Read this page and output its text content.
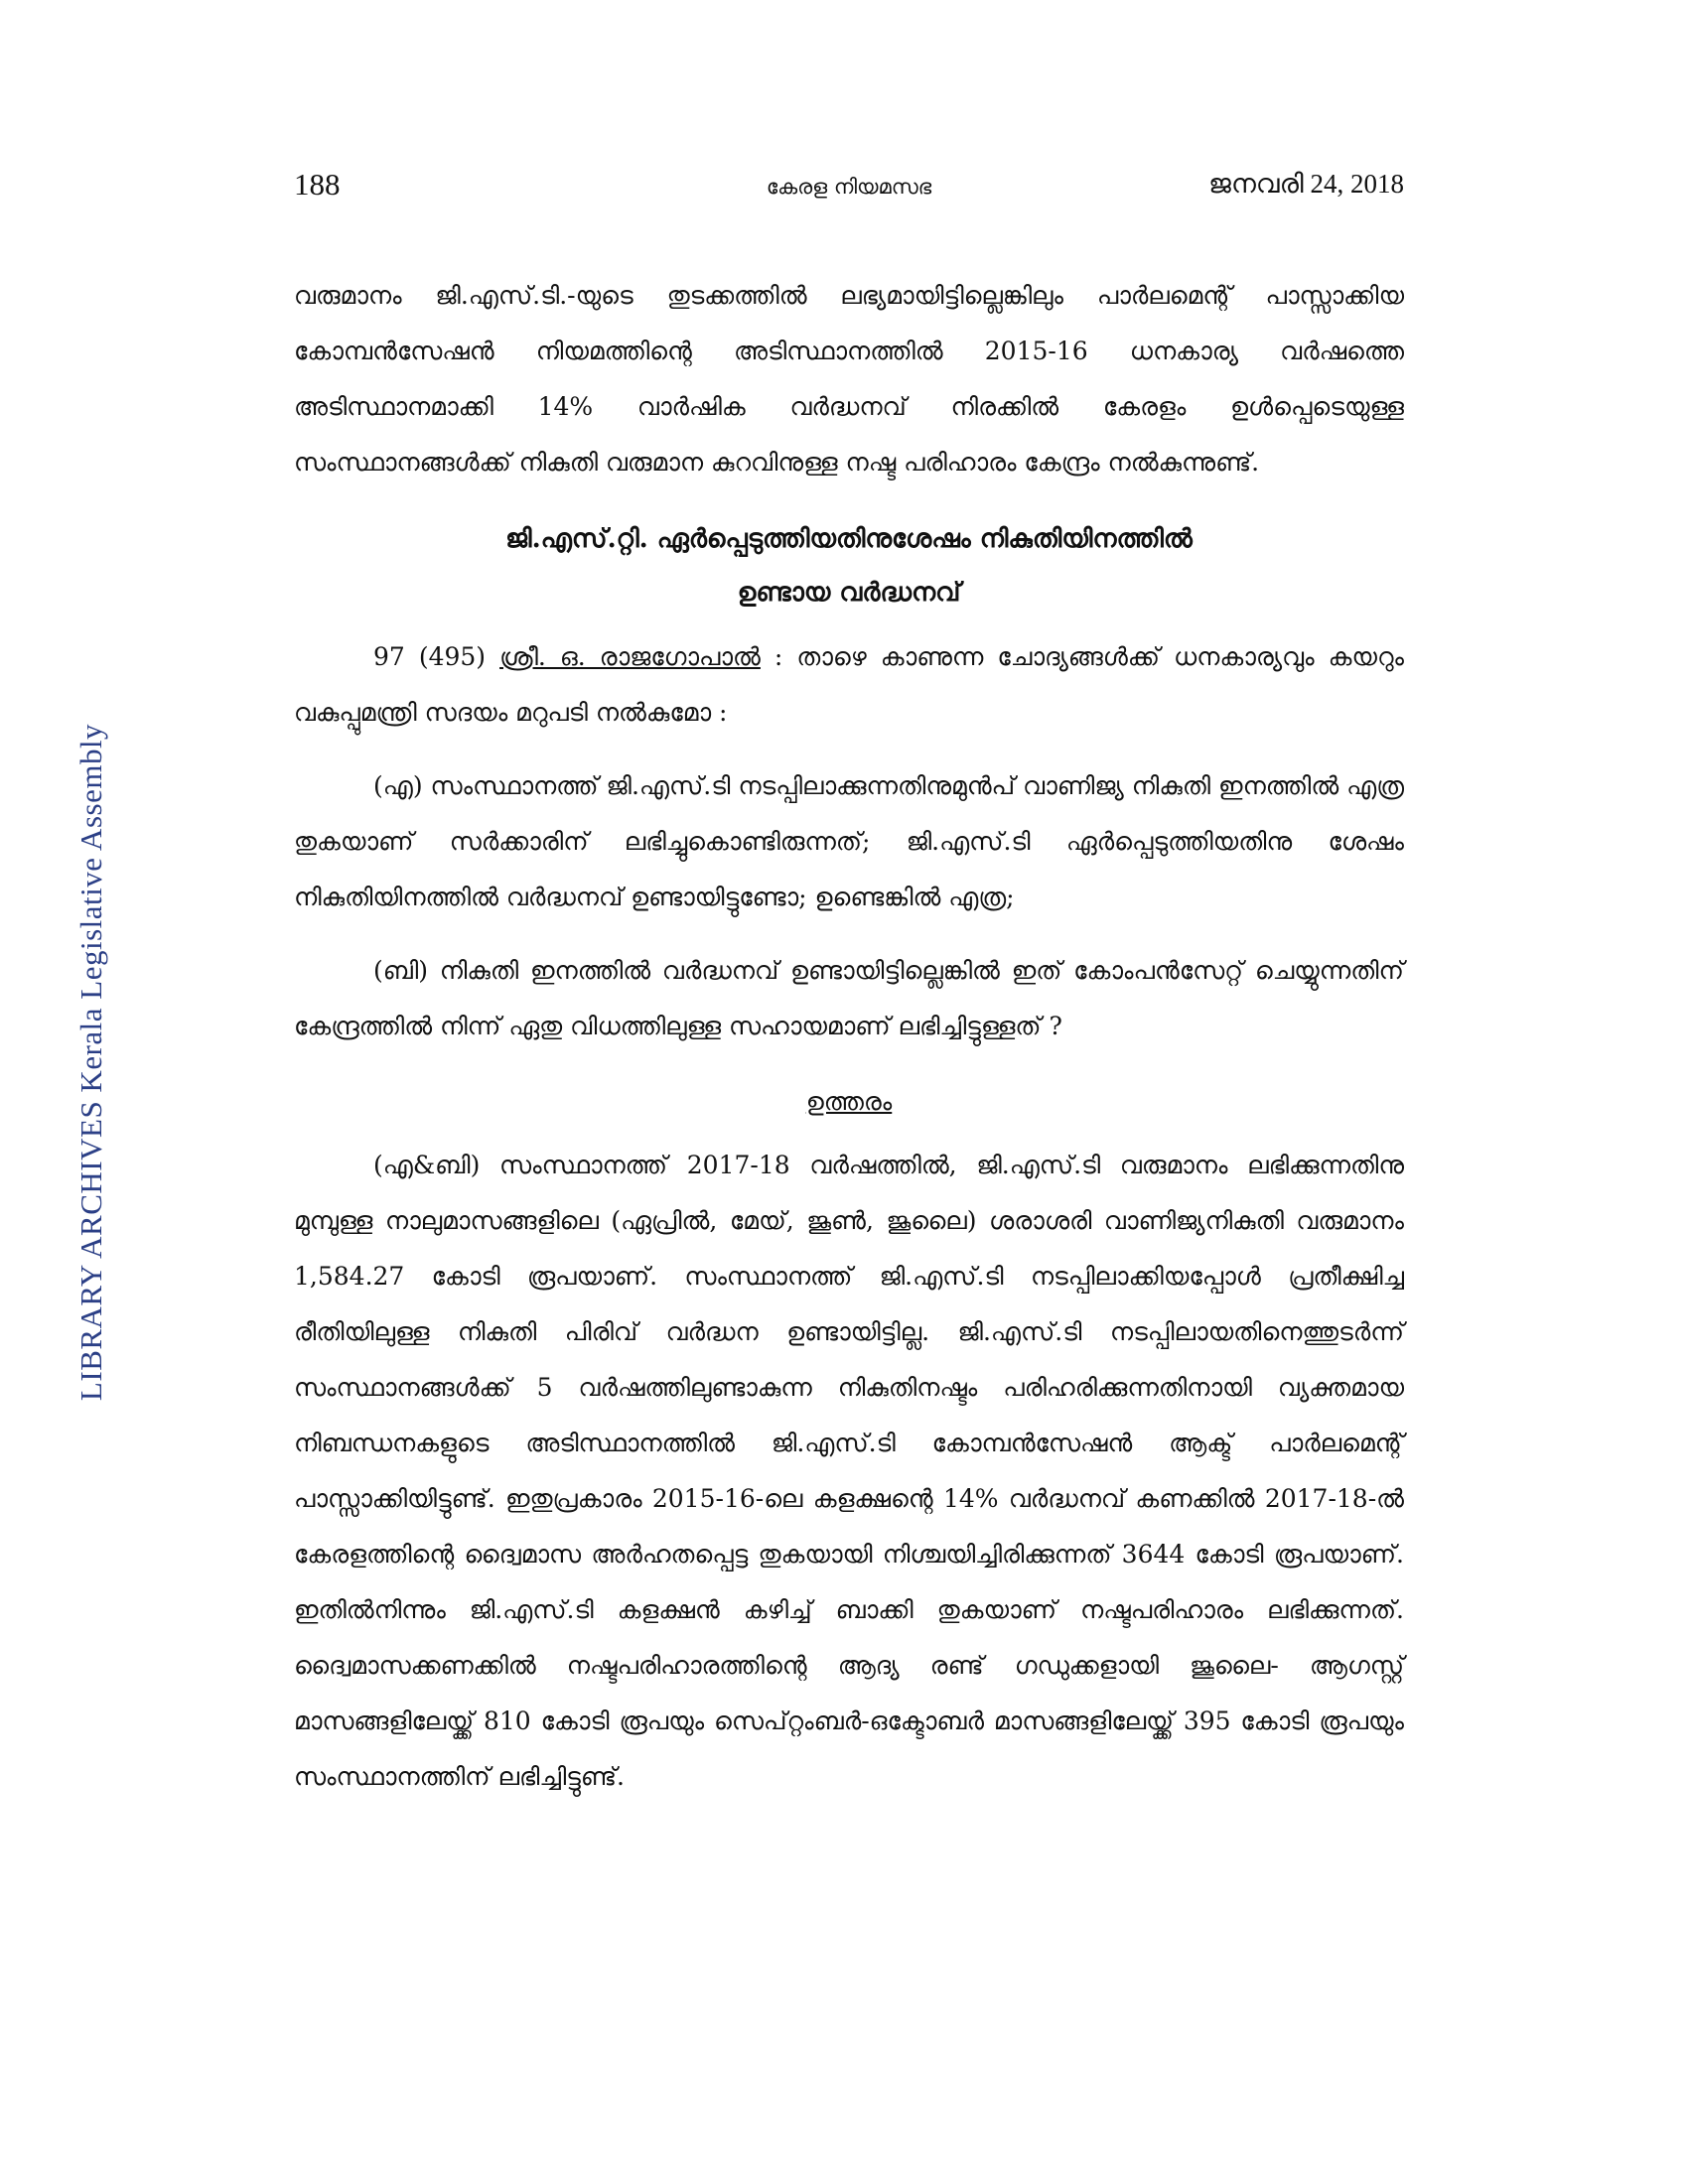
LIBRARY ARCHIVES Kerala Legislative Assembly
188	കേരള നിയമസഭ	ജനവരി 24, 2018

വരുമാനം ജി.എസ്.ടി.-യുടെ തുടക്കത്തിൽ ലഭ്യമായിട്ടില്ലെങ്കിലും പാർലമെന്റ് പാസ്സാക്കിയ കോമ്പൻസേഷൻ നിയമത്തിന്റെ അടിസ്ഥാനത്തിൽ 2015-16 ധനകാര്യ വർഷത്തെ അടിസ്ഥാനമാക്കി 14% വാർഷിക വർദ്ധനവ് നിരക്കിൽ കേരളം ഉൾപ്പെടെയുള്ള സംസ്ഥാനങ്ങൾക്ക് നികുതി വരുമാന കുറവിനുള്ള നഷ്ട പരിഹാരം കേന്ദ്രം നൽകുന്നുണ്ട്.

ജി.എസ്.റ്റി. ഏർപ്പെടുത്തിയതിനുശേഷം നികുതിയിനത്തിൽ
ഉണ്ടായ വർദ്ധനവ്

97 (495) ശ്രീ. ഒ. രാജഗോപാൽ : താഴെ കാണുന്ന ചോദ്യങ്ങൾക്ക് ധനകാര്യവും കയറും വകുപ്പുമന്ത്രി സദയം മറുപടി നൽകുമോ :

(എ) സംസ്ഥാനത്ത് ജി.എസ്.ടി നടപ്പിലാക്കുന്നതിനുമുൻപ് വാണിജ്യ നികുതി ഇനത്തിൽ എത്ര തുകയാണ് സർക്കാരിന് ലഭിച്ചുകൊണ്ടിരുന്നത്; ജി.എസ്.ടി ഏർപ്പെടുത്തിയതിനു ശേഷം നികുതിയിനത്തിൽ വർദ്ധനവ് ഉണ്ടായിട്ടുണ്ടോ; ഉണ്ടെങ്കിൽ എത്ര;

(ബി) നികുതി ഇനത്തിൽ വർദ്ധനവ് ഉണ്ടായിട്ടില്ലെങ്കിൽ ഇത് കോംപൻസേറ്റ് ചെയ്യുന്നതിന് കേന്ദ്രത്തിൽ നിന്ന് ഏതു വിധത്തിലുള്ള സഹായമാണ് ലഭിച്ചിട്ടുള്ളത് ?

ഉത്തരം

(എ&ബി) സംസ്ഥാനത്ത് 2017-18 വർഷത്തിൽ, ജി.എസ്.ടി വരുമാനം ലഭിക്കുന്നതിനു മുമ്പുള്ള നാലുമാസങ്ങളിലെ (ഏപ്രിൽ, മേയ്, ജൂൺ, ജൂലൈ) ശരാശരി വാണിജ്യനികുതി വരുമാനം 1,584.27 കോടി രൂപയാണ്. സംസ്ഥാനത്ത് ജി.എസ്.ടി നടപ്പിലാക്കിയപ്പോൾ പ്രതീക്ഷിച്ച രീതിയിലുള്ള നികുതി പിരിവ് വർദ്ധന ഉണ്ടായിട്ടില്ല. ജി.എസ്.ടി നടപ്പിലായതിനെത്തുടർന്ന് സംസ്ഥാനങ്ങൾക്ക് 5 വർഷത്തിലുണ്ടാകുന്ന നികുതിനഷ്ടം പരിഹരിക്കുന്നതിനായി വ്യക്തമായ നിബന്ധനകളുടെ അടിസ്ഥാനത്തിൽ ജി.എസ്.ടി കോമ്പൻസേഷൻ ആക്ട് പാർലമെന്റ് പാസ്സാക്കിയിട്ടുണ്ട്. ഇതുപ്രകാരം 2015-16-ലെ കളക്ഷന്റെ 14% വർദ്ധനവ് കണക്കിൽ 2017-18-ൽ കേരളത്തിന്റെ ദ്വൈമാസ അർഹതപ്പെട്ട തുകയായി നിശ്ചയിച്ചിരിക്കുന്നത് 3644 കോടി രൂപയാണ്. ഇതിൽനിന്നും ജി.എസ്.ടി കളക്ഷൻ കഴിച്ച് ബാക്കി തുകയാണ് നഷ്ടപരിഹാരം ലഭിക്കുന്നത്. ദ്വൈമാസക്കണക്കിൽ നഷ്ടപരിഹാരത്തിന്റെ ആദ്യ രണ്ട് ഗഡുക്കളായി ജൂലൈ- ആഗസ്റ്റ് മാസങ്ങളിലേയ്ക്ക് 810 കോടി രൂപയും സെപ്റ്റംബർ-ഒക്ടോബർ മാസങ്ങളിലേയ്ക്ക് 395 കോടി രൂപയും സംസ്ഥാനത്തിന് ലഭിച്ചിട്ടുണ്ട്.
